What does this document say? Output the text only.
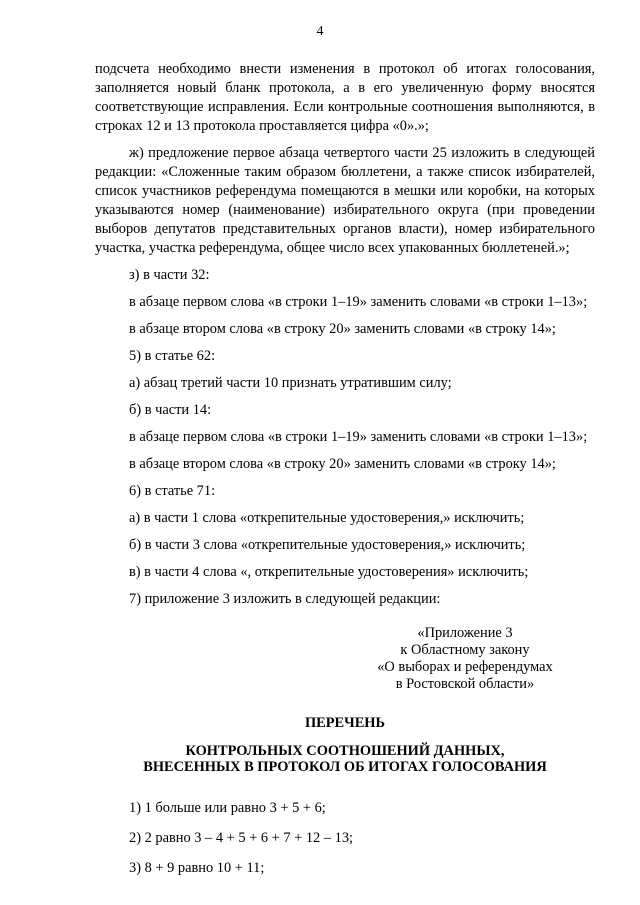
4

подсчета необходимо внести изменения в протокол об итогах голосования, заполняется новый бланк протокола, а в его увеличенную форму вносятся соответствующие исправления. Если контрольные соотношения выполняются, в строках 12 и 13 протокола проставляется цифра «0».»;

ж) предложение первое абзаца четвертого части 25 изложить в следующей редакции: «Сложенные таким образом бюллетени, а также список избирателей, список участников референдума помещаются в мешки или коробки, на которых указываются номер (наименование) избирательного округа (при проведении выборов депутатов представительных органов власти), номер избирательного участка, участка референдума, общее число всех упакованных бюллетеней.»;

з) в части 32:

в абзаце первом слова «в строки 1–19» заменить словами «в строки 1–13»;

в абзаце втором слова «в строку 20» заменить словами «в строку 14»;

5) в статье 62:

а) абзац третий части 10 признать утратившим силу;

б) в части 14:

в абзаце первом слова «в строки 1–19» заменить словами «в строки 1–13»;

в абзаце втором слова «в строку 20» заменить словами «в строку 14»;

6) в статье 71:

а) в части 1 слова «открепительные удостоверения,» исключить;

б) в части 3 слова «открепительные удостоверения,» исключить;

в) в части 4 слова «, открепительные удостоверения» исключить;

7) приложение 3 изложить в следующей редакции:

«Приложение 3
к Областному закону
«О выборах и референдумах
в Ростовской области»
ПЕРЕЧЕНЬ
КОНТРОЛЬНЫХ СООТНОШЕНИЙ ДАННЫХ,
ВНЕСЕННЫХ В ПРОТОКОЛ ОБ ИТОГАХ ГОЛОСОВАНИЯ

1) 1 больше или равно 3 + 5 + 6;

2) 2 равно 3 – 4 + 5 + 6 + 7 + 12 – 13;

3) 8 + 9 равно 10 + 11;
